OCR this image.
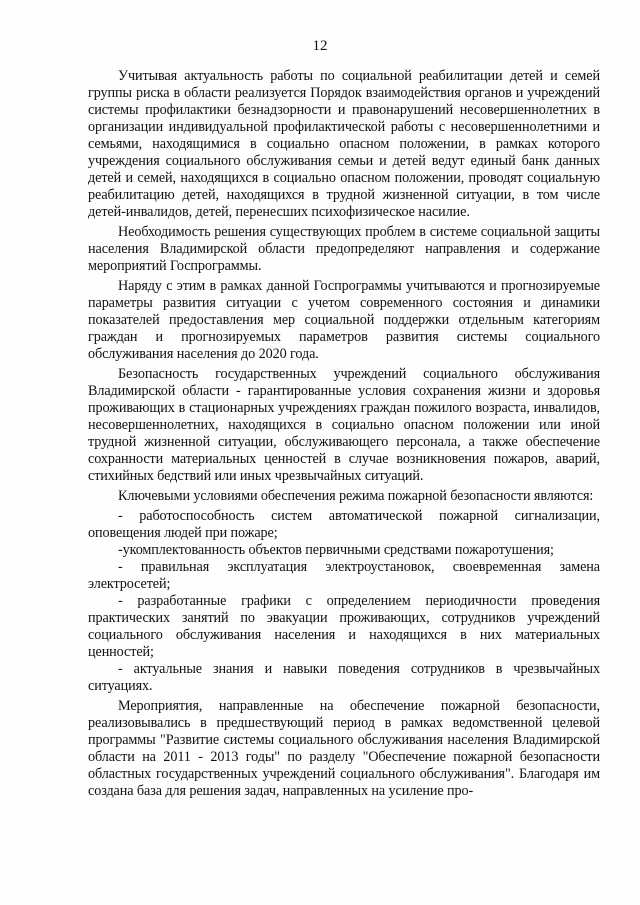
12

Учитывая актуальность работы по социальной реабилитации детей и семей группы риска в области реализуется Порядок взаимодействия органов и учреждений системы профилактики безнадзорности и правонарушений несовершеннолетних в организации индивидуальной профилактической работы с несовершеннолетними и семьями, находящимися в социально опасном положении, в рамках которого учреждения социального обслуживания семьи и детей ведут единый банк данных детей и семей, находящихся в социально опасном положении, проводят социальную реабилитацию детей, находящихся в трудной жизненной ситуации, в том числе детей-инвалидов, детей, перенесших психофизическое насилие.

Необходимость решения существующих проблем в системе социальной защиты населения Владимирской области предопределяют направления и содержание мероприятий Госпрограммы.

Наряду с этим в рамках данной Госпрограммы учитываются и прогнозируемые параметры развития ситуации с учетом современного состояния и динамики показателей предоставления мер социальной поддержки отдельным категориям граждан и прогнозируемых параметров развития системы социального обслуживания населения до 2020 года.

Безопасность государственных учреждений социального обслуживания Владимирской области - гарантированные условия сохранения жизни и здоровья проживающих в стационарных учреждениях граждан пожилого возраста, инвалидов, несовершеннолетних, находящихся в социально опасном положении или иной трудной жизненной ситуации, обслуживающего персонала, а также обеспечение сохранности материальных ценностей в случае возникновения пожаров, аварий, стихийных бедствий или иных чрезвычайных ситуаций.

Ключевыми условиями обеспечения режима пожарной безопасности являются:

- работоспособность систем автоматической пожарной сигнализации, оповещения людей при пожаре;

-укомплектованность объектов первичными средствами пожаротушения;

- правильная эксплуатация электроустановок, своевременная замена электросетей;

- разработанные графики с определением периодичности проведения практических занятий по эвакуации проживающих, сотрудников учреждений социального обслуживания населения и находящихся в них материальных ценностей;

- актуальные знания и навыки поведения сотрудников в чрезвычайных ситуациях.

Мероприятия, направленные на обеспечение пожарной безопасности, реализовывались в предшествующий период в рамках ведомственной целевой программы "Развитие системы социального обслуживания населения Владимирской области на 2011 - 2013 годы" по разделу "Обеспечение пожарной безопасности областных государственных учреждений социального обслуживания". Благодаря им создана база для решения задач, направленных на усиление про-
